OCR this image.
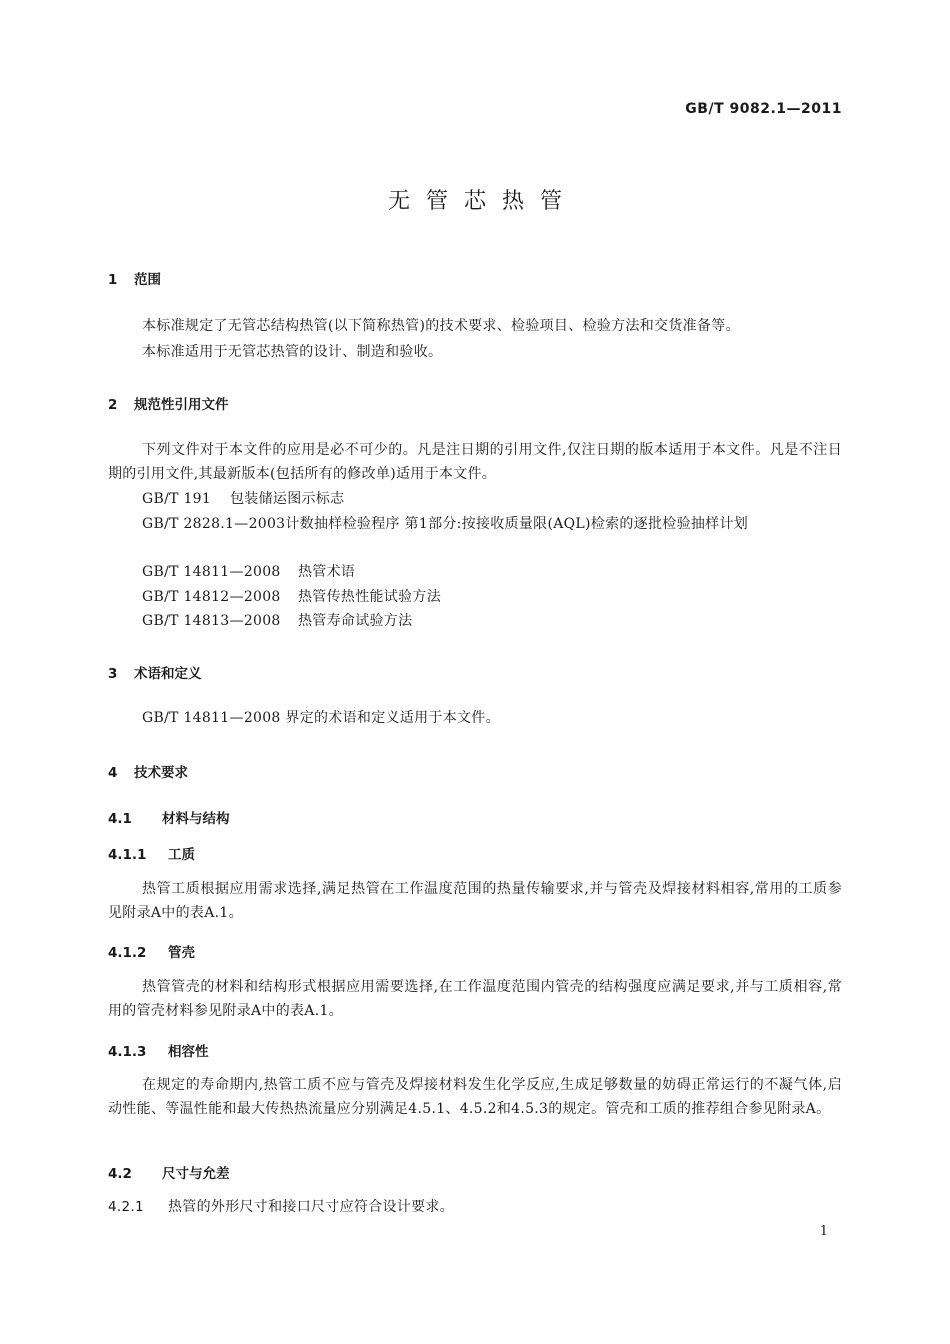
GB/T 9082.1—2011
无管芯热管
1 范围

本标准规定了无管芯结构热管(以下简称热管)的技术要求、检验项目、检验方法和交货准备等。

本标准适用于无管芯热管的设计、制造和验收。

2 规范性引用文件

下列文件对于本文件的应用是必不可少的。凡是注日期的引用文件,仅注日期的版本适用于本文件。凡是不注日期的引用文件,其最新版本(包括所有的修改单)适用于本文件。

GB/T 191 包装储运图示标志

GB/T 2828.1—2003计数抽样检验程序 第1部分:按接收质量限(AQL)检索的逐批检验抽样计划

GB/T 14811—2008 热管术语

GB/T 14812—2008 热管传热性能试验方法

GB/T 14813—2008 热管寿命试验方法

3 术语和定义

GB/T 14811—2008 界定的术语和定义适用于本文件。

4 技术要求
4.1 材料与结构
4.1.1 工质

热管工质根据应用需求选择,满足热管在工作温度范围的热量传输要求,并与管壳及焊接材料相容,常用的工质参见附录A中的表A.1。

4.1.2 管壳

热管管壳的材料和结构形式根据应用需要选择,在工作温度范围内管壳的结构强度应满足要求,并与工质相容,常用的管壳材料参见附录A中的表A.1。

4.1.3 相容性

在规定的寿命期内,热管工质不应与管壳及焊接材料发生化学反应,生成足够数量的妨碍正常运行的不凝气体,启动性能、等温性能和最大传热热流量应分别满足4.5.1、4.5.2和4.5.3的规定。管壳和工质的推荐组合参见附录A。

4.2 尺寸与允差

4.2.1 热管的外形尺寸和接口尺寸应符合设计要求。

1
